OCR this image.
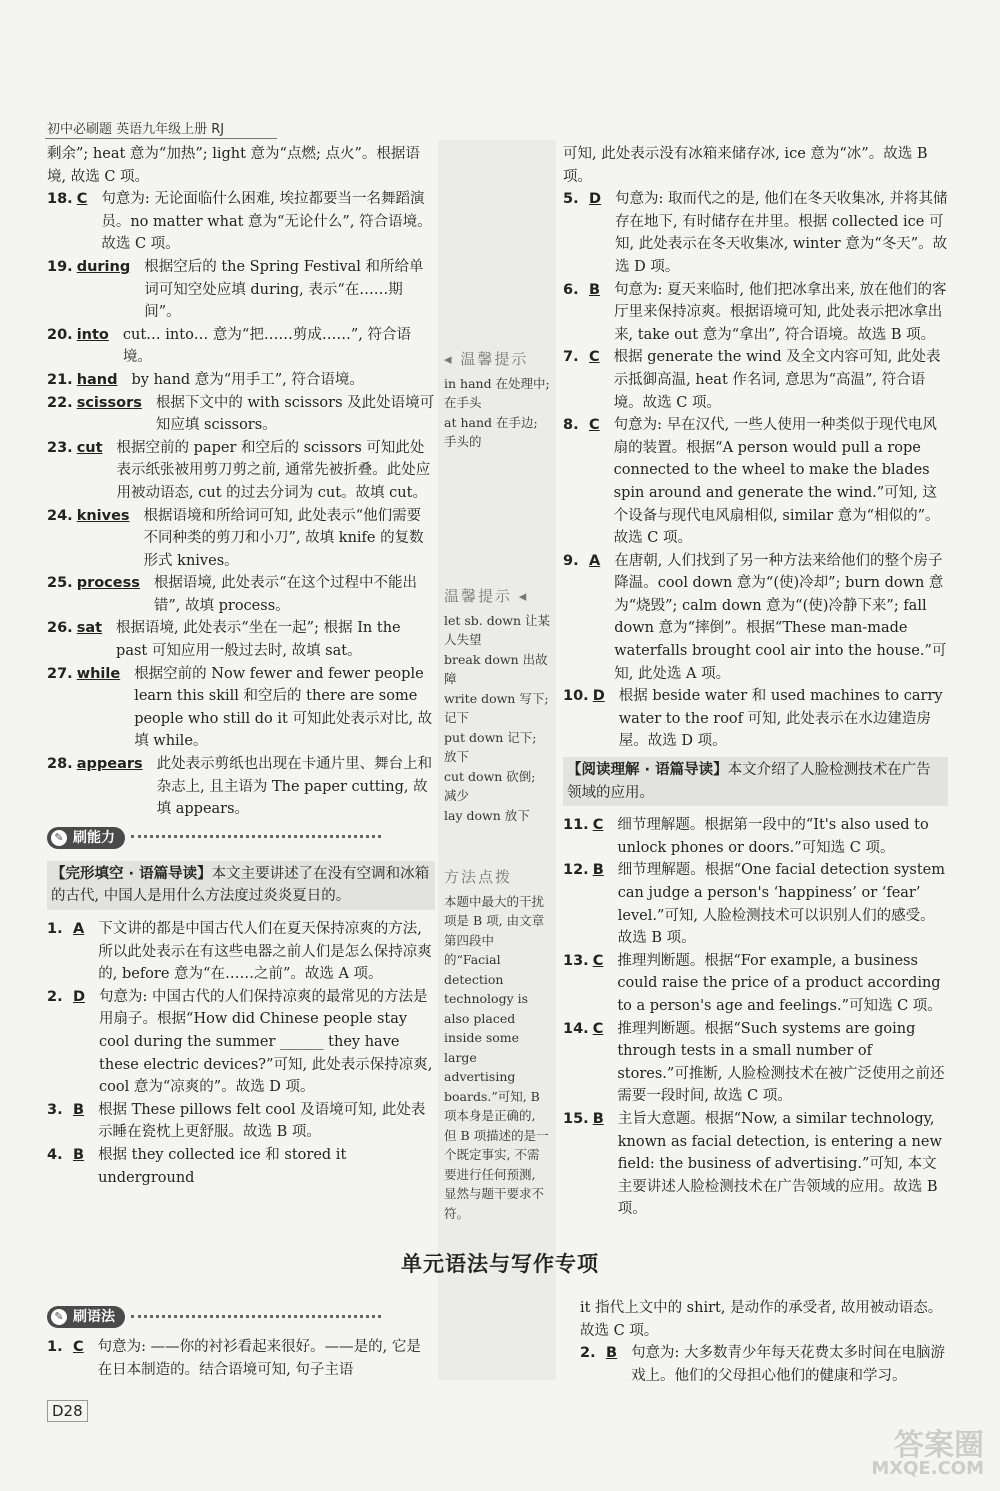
初中必刷题 英语九年级上册 RJ
剩余”; heat 意为“加热”; light 意为“点燃; 点火”。根据语境, 故选 C 项。
18. C 句意为: 无论面临什么困难, 埃拉都要当一名舞蹈演员。no matter what 意为“无论什么”, 符合语境。故选 C 项。
19. during 根据空后的 the Spring Festival 和所给单词可知空处应填 during, 表示“在……期间”。
20. into cut… into… 意为“把……剪成……”, 符合语境。
21. hand by hand 意为“用手工”, 符合语境。
22. scissors 根据下文中的 with scissors 及此处语境可知应填 scissors。
23. cut 根据空前的 paper 和空后的 scissors 可知此处表示纸张被用剪刀剪之前, 通常先被折叠。此处应用被动语态, cut 的过去分词为 cut。故填 cut。
24. knives 根据语境和所给词可知, 此处表示“他们需要不同种类的剪刀和小刀”, 故填 knife 的复数形式 knives。
25. process 根据语境, 此处表示“在这个过程中不能出错”, 故填 process。
26. sat 根据语境, 此处表示“坐在一起”; 根据 In the past 可知应用一般过去时, 故填 sat。
27. while 根据空前的 Now fewer and fewer people learn this skill 和空后的 there are some people who still do it 可知此处表示对比, 故填 while。
28. appears 此处表示剪纸也出现在卡通片里、舞台上和杂志上, 且主语为 The paper cutting, 故填 appears。
✎ 刷能力
【完形填空 · 语篇导读】本文主要讲述了在没有空调和冰箱的古代, 中国人是用什么方法度过炎炎夏日的。
1. A 下文讲的都是中国古代人们在夏天保持凉爽的方法, 所以此处表示在有这些电器之前人们是怎么保持凉爽的, before 意为“在……之前”。故选 A 项。
2. D 句意为: 中国古代的人们保持凉爽的最常见的方法是用扇子。根据“How did Chinese people stay cool during the summer ______ they have these electric devices?”可知, 此处表示保持凉爽, cool 意为“凉爽的”。故选 D 项。
3. B 根据 These pillows felt cool 及语境可知, 此处表示睡在瓷枕上更舒服。故选 B 项。
4. B 根据 they collected ice 和 stored it underground
◂ 温馨提示
in hand 在处理中; 在手头
at hand 在手边; 手头的
温馨提示 ◂
let sb. down 让某人失望
break down 出故障
write down 写下; 记下
put down 记下; 放下
cut down 砍倒; 减少
lay down 放下
方法点拨
本题中最大的干扰项是 B 项, 由文章第四段中的“Facial detection technology is also placed inside some large advertising boards.”可知, B 项本身是正确的, 但 B 项描述的是一个既定事实, 不需要进行任何预测, 显然与题干要求不符。
可知, 此处表示没有冰箱来储存冰, ice 意为“冰”。故选 B 项。
5. D 句意为: 取而代之的是, 他们在冬天收集冰, 并将其储存在地下, 有时储存在井里。根据 collected ice 可知, 此处表示在冬天收集冰, winter 意为“冬天”。故选 D 项。
6. B 句意为: 夏天来临时, 他们把冰拿出来, 放在他们的客厅里来保持凉爽。根据语境可知, 此处表示把冰拿出来, take out 意为“拿出”, 符合语境。故选 B 项。
7. C 根据 generate the wind 及全文内容可知, 此处表示抵御高温, heat 作名词, 意思为“高温”, 符合语境。故选 C 项。
8. C 句意为: 早在汉代, 一些人使用一种类似于现代电风扇的装置。根据“A person would pull a rope connected to the wheel to make the blades spin around and generate the wind.”可知, 这个设备与现代电风扇相似, similar 意为“相似的”。故选 C 项。
9. A 在唐朝, 人们找到了另一种方法来给他们的整个房子降温。cool down 意为“(使)冷却”; burn down 意为“烧毁”; calm down 意为“(使)冷静下来”; fall down 意为“摔倒”。根据“These man-made waterfalls brought cool air into the house.”可知, 此处选 A 项。
10. D 根据 beside water 和 used machines to carry water to the roof 可知, 此处表示在水边建造房屋。故选 D 项。
【阅读理解 · 语篇导读】本文介绍了人脸检测技术在广告领域的应用。
11. C 细节理解题。根据第一段中的“It's also used to unlock phones or doors.”可知选 C 项。
12. B 细节理解题。根据“One facial detection system can judge a person's ‘happiness’ or ‘fear’ level.”可知, 人脸检测技术可以识别人们的感受。故选 B 项。
13. C 推理判断题。根据“For example, a business could raise the price of a product according to a person's age and feelings.”可知选 C 项。
14. C 推理判断题。根据“Such systems are going through tests in a small number of stores.”可推断, 人脸检测技术在被广泛使用之前还需要一段时间, 故选 C 项。
15. B 主旨大意题。根据“Now, a similar technology, known as facial detection, is entering a new field: the business of advertising.”可知, 本文主要讲述人脸检测技术在广告领域的应用。故选 B 项。
单元语法与写作专项
✎ 刷语法
1. C 句意为: ——你的衬衫看起来很好。——是的, 它是在日本制造的。结合语境可知, 句子主语
it 指代上文中的 shirt, 是动作的承受者, 故用被动语态。故选 C 项。
2. B 句意为: 大多数青少年每天花费太多时间在电脑游戏上。他们的父母担心他们的健康和学习。
D28
答案圈
MXQE.COM
